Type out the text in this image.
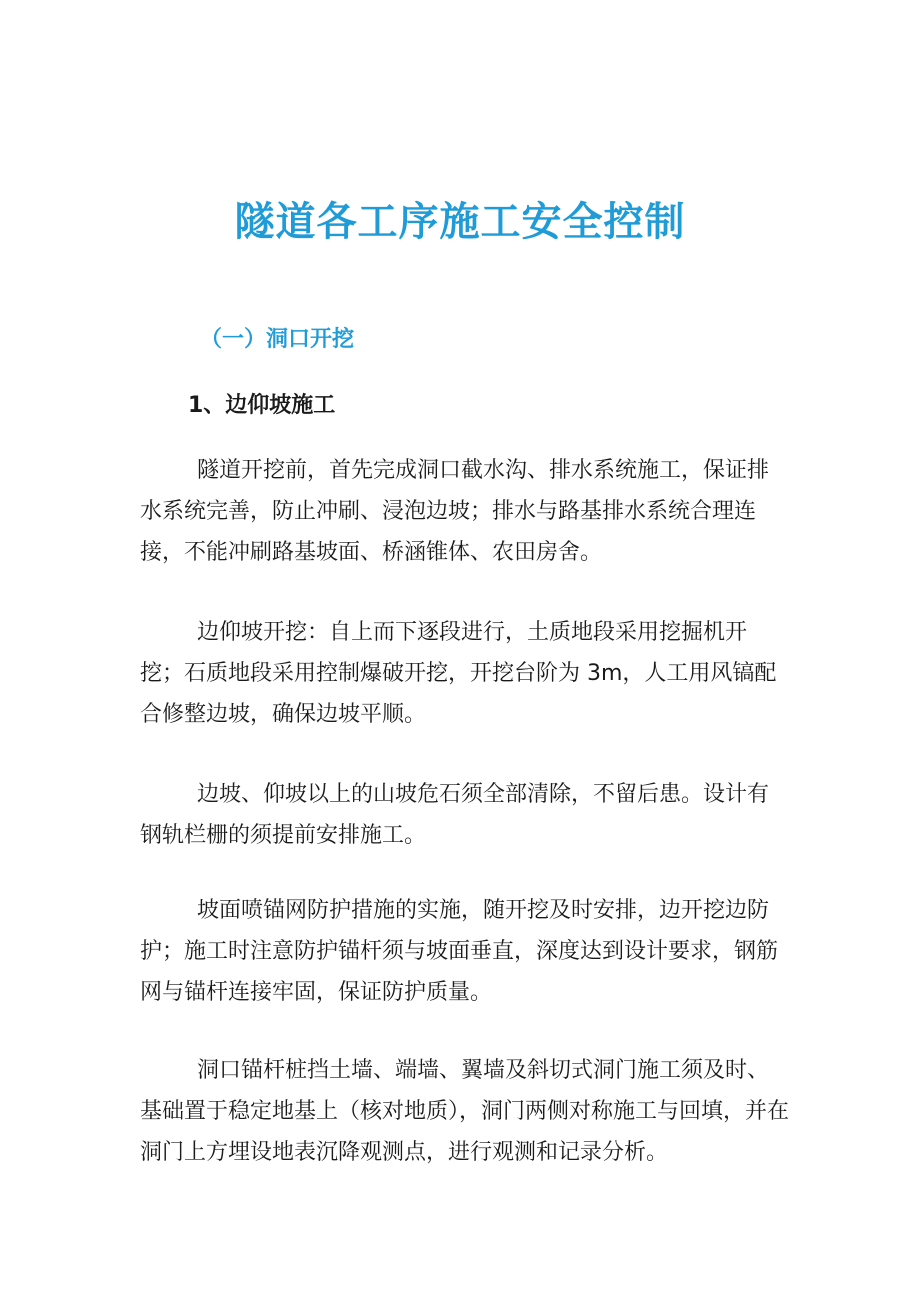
隧道各工序施工安全控制
（一）洞口开挖
1、边仰坡施工

隧道开挖前，首先完成洞口截水沟、排水系统施工，保证排水系统完善，防止冲刷、浸泡边坡；排水与路基排水系统合理连接，不能冲刷路基坡面、桥涵锥体、农田房舍。

边仰坡开挖：自上而下逐段进行，土质地段采用挖掘机开挖；石质地段采用控制爆破开挖，开挖台阶为 3m，人工用风镐配合修整边坡，确保边坡平顺。

边坡、仰坡以上的山坡危石须全部清除，不留后患。设计有钢轨栏栅的须提前安排施工。

坡面喷锚网防护措施的实施，随开挖及时安排，边开挖边防护；施工时注意防护锚杆须与坡面垂直，深度达到设计要求，钢筋网与锚杆连接牢固，保证防护质量。

洞口锚杆桩挡土墙、端墙、翼墙及斜切式洞门施工须及时、基础置于稳定地基上（核对地质），洞门两侧对称施工与回填，并在洞门上方埋设地表沉降观测点，进行观测和记录分析。
